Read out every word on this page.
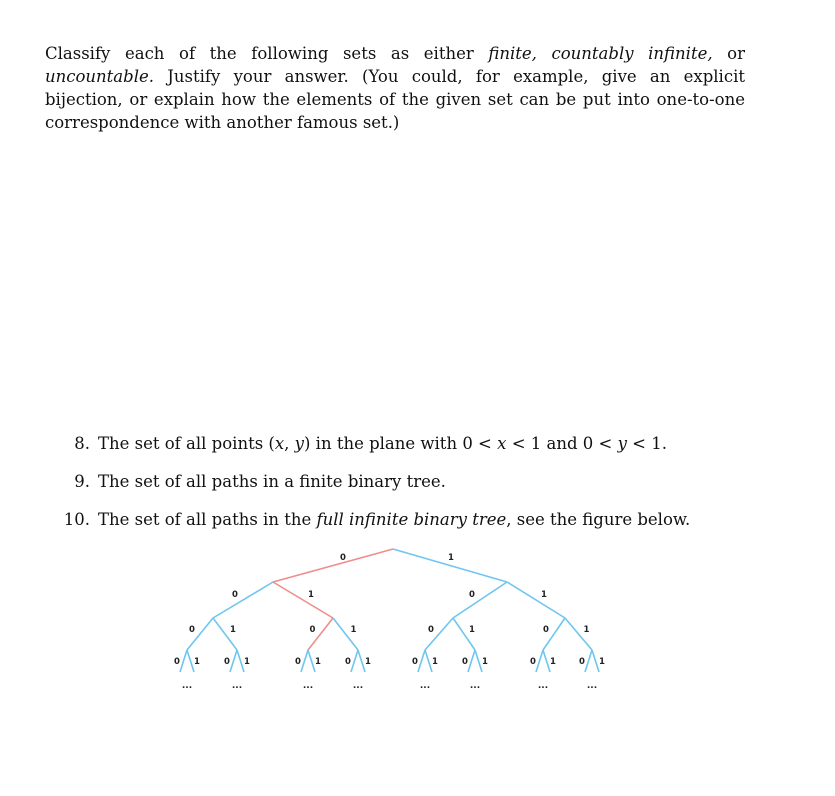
Classify each of the following sets as either finite, countably infinite, or uncountable. Justify your answer. (You could, for example, give an explicit bijection, or explain how the elements of the given set can be put into one-to-one correspondence with another famous set.)
8. The set of all points (x, y) in the plane with 0 < x < 1 and 0 < y < 1.
9. The set of all paths in a finite binary tree.
10. The set of all paths in the full infinite binary tree, see the figure below.
0	1
0	1	0	1
0	1	0	1	0	1	0	1
0 1
...
0 1
...
0 1
...
0 1
...
0 1
...
0 1
...
0 1
...
0 1
...
